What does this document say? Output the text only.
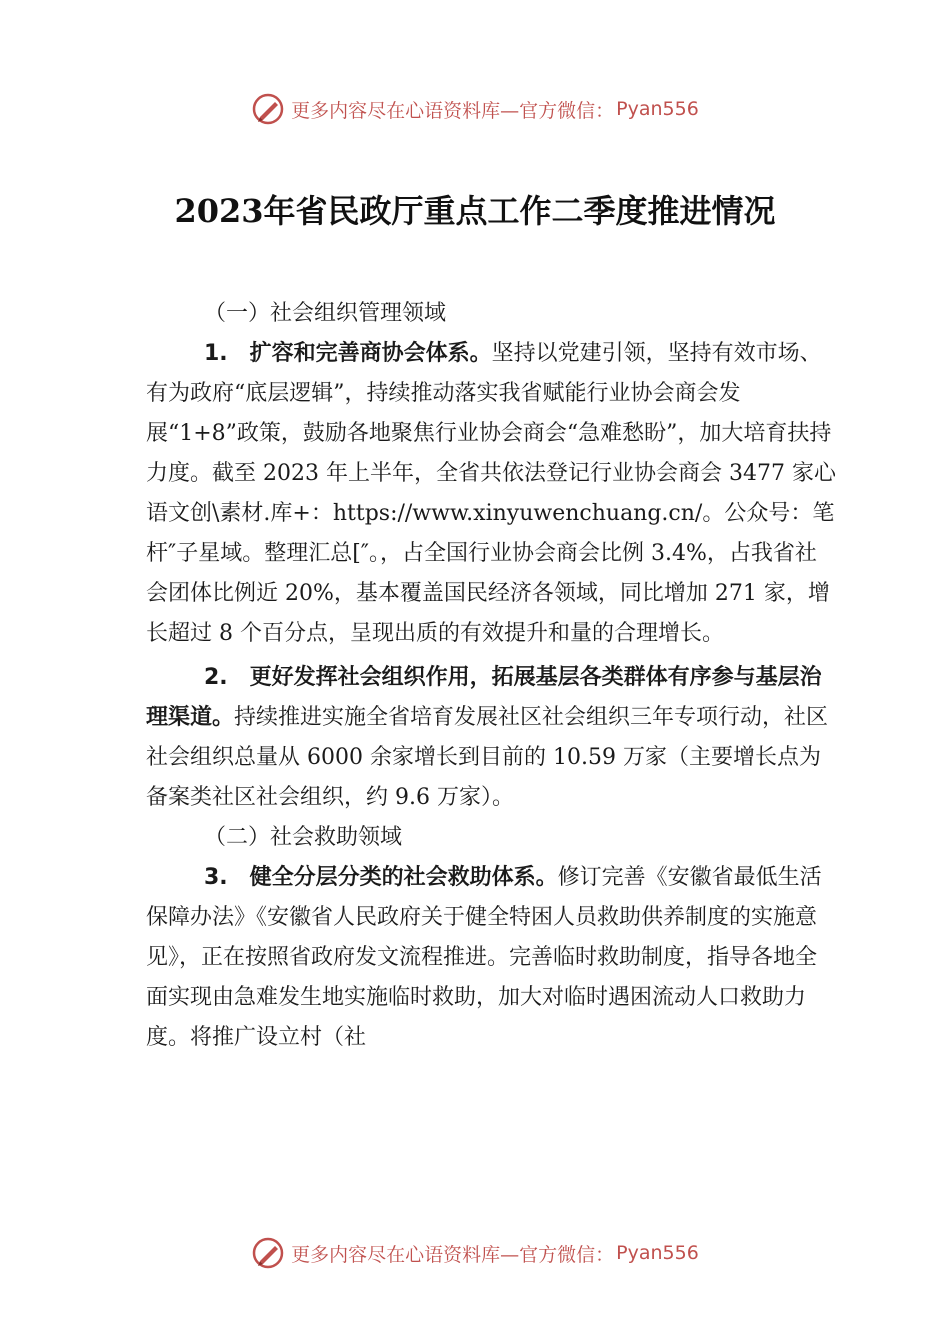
更多内容尽在心语资料库—官方微信： Pyan556
2023年省民政厅重点工作二季度推进情况

（一）社会组织管理领域

1.　扩容和完善商协会体系。坚持以党建引领，坚持有效市场、有为政府“底层逻辑”，持续推动落实我省赋能行业协会商会发展“1+8”政策，鼓励各地聚焦行业协会商会“急难愁盼”，加大培育扶持力度。截至 2023 年上半年，全省共依法登记行业协会商会 3477 家心语文创\素材.库+：https://www.xinyuwenchuang.cn/。公众号：笔杆″子星域。整理汇总[″。，占全国行业协会商会比例 3.4%，占我省社会团体比例近 20%，基本覆盖国民经济各领域，同比增加 271 家，增长超过 8 个百分点，呈现出质的有效提升和量的合理增长。

2.　更好发挥社会组织作用，拓展基层各类群体有序参与基层治理渠道。持续推进实施全省培育发展社区社会组织三年专项行动，社区社会组织总量从 6000 余家增长到目前的 10.59 万家（主要增长点为备案类社区社会组织，约 9.6 万家）。

（二）社会救助领域

3.　健全分层分类的社会救助体系。修订完善《安徽省最低生活保障办法》《安徽省人民政府关于健全特困人员救助供养制度的实施意见》，正在按照省政府发文流程推进。完善临时救助制度，指导各地全面实现由急难发生地实施临时救助，加大对临时遇困流动人口救助力度。将推广设立村（社

更多内容尽在心语资料库—官方微信： Pyan556
